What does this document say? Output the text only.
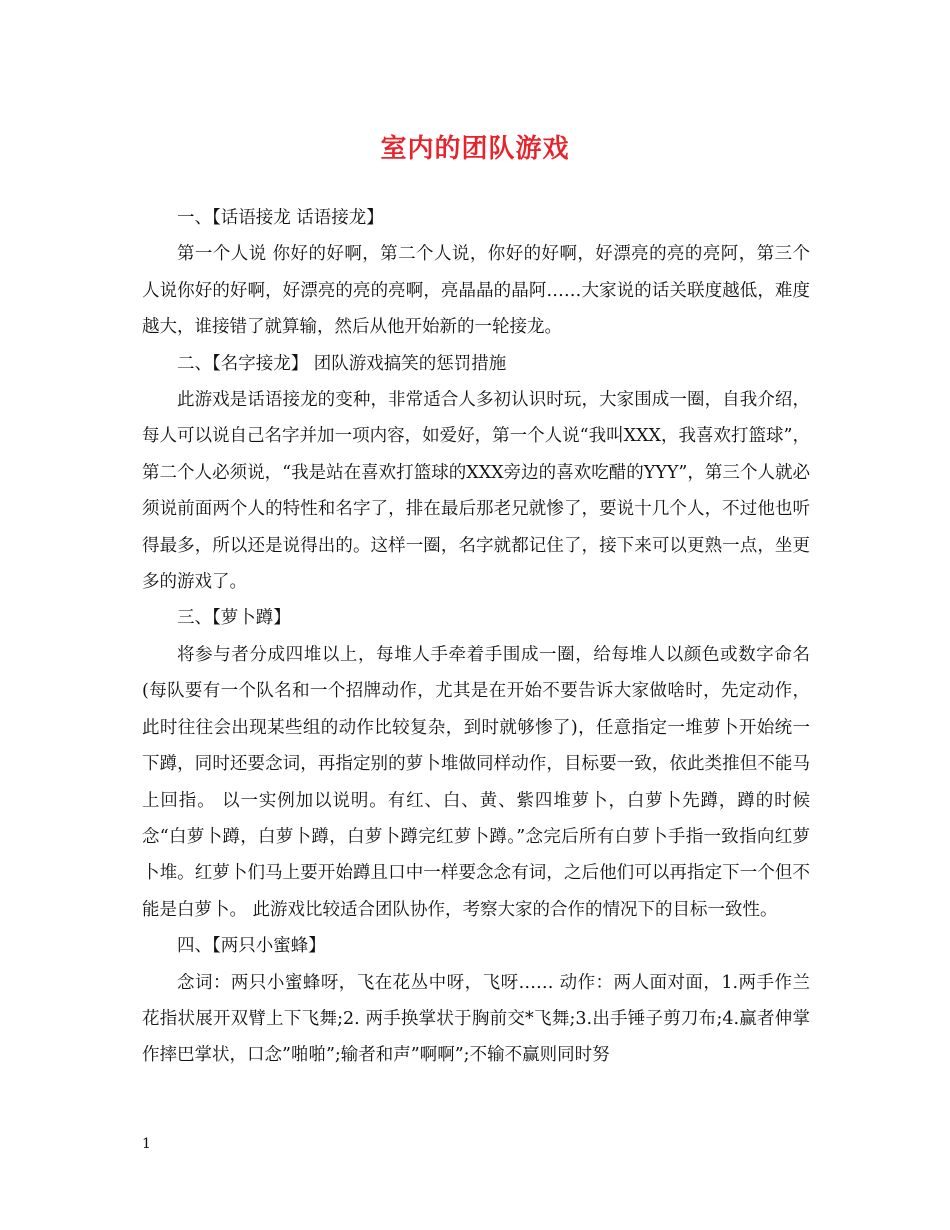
室内的团队游戏

一、【话语接龙 话语接龙】

第一个人说 你好的好啊，第二个人说，你好的好啊，好漂亮的亮的亮阿，第三个人说你好的好啊，好漂亮的亮的亮啊，亮晶晶的晶阿……大家说的话关联度越低，难度越大，谁接错了就算输，然后从他开始新的一轮接龙。

二、【名字接龙】 团队游戏搞笑的惩罚措施

此游戏是话语接龙的变种，非常适合人多初认识时玩，大家围成一圈，自我介绍，每人可以说自己名字并加一项内容，如爱好，第一个人说“我叫XXX，我喜欢打篮球”，第二个人必须说，“我是站在喜欢打篮球的XXX旁边的喜欢吃醋的YYY”，第三个人就必须说前面两个人的特性和名字了，排在最后那老兄就惨了，要说十几个人，不过他也听得最多，所以还是说得出的。这样一圈，名字就都记住了，接下来可以更熟一点，坐更多的游戏了。

三、【萝卜蹲】

将参与者分成四堆以上，每堆人手牵着手围成一圈，给每堆人以颜色或数字命名(每队要有一个队名和一个招牌动作，尤其是在开始不要告诉大家做啥时，先定动作，此时往往会出现某些组的动作比较复杂，到时就够惨了)，任意指定一堆萝卜开始统一下蹲，同时还要念词，再指定别的萝卜堆做同样动作，目标要一致，依此类推但不能马上回指。 以一实例加以说明。有红、白、黄、紫四堆萝卜，白萝卜先蹲，蹲的时候念“白萝卜蹲，白萝卜蹲，白萝卜蹲完红萝卜蹲。”念完后所有白萝卜手指一致指向红萝卜堆。红萝卜们马上要开始蹲且口中一样要念念有词，之后他们可以再指定下一个但不能是白萝卜。 此游戏比较适合团队协作，考察大家的合作的情况下的目标一致性。

四、【两只小蜜蜂】

念词：两只小蜜蜂呀，飞在花丛中呀，飞呀…… 动作：两人面对面，1.两手作兰花指状展开双臂上下飞舞;2. 两手换掌状于胸前交*飞舞;3.出手锤子剪刀布;4.赢者伸掌作摔巴掌状，口念”啪啪”;输者和声”啊啊”;不输不赢则同时努

1
